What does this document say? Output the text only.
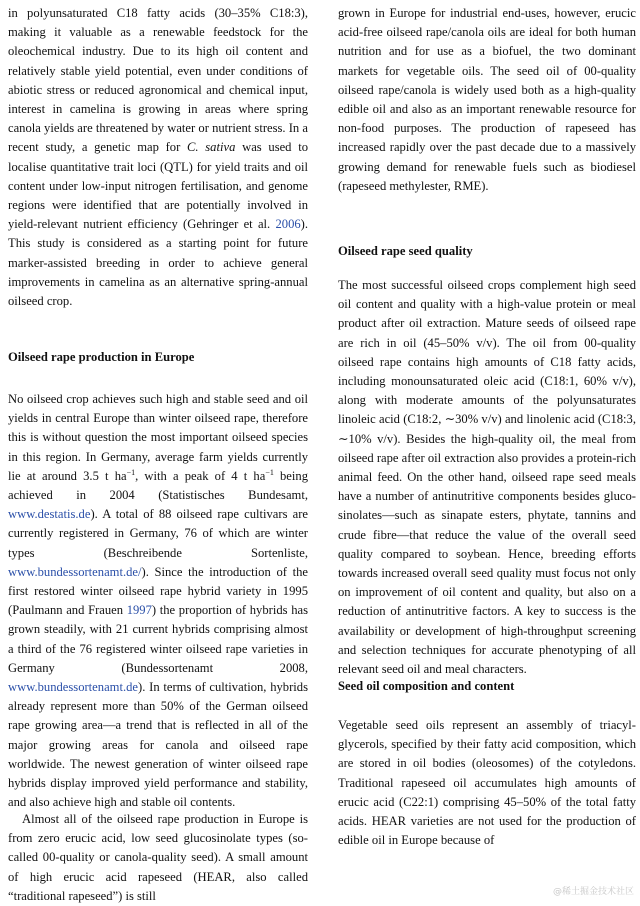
in polyunsaturated C18 fatty acids (30–35% C18:3), making it valuable as a renewable feedstock for the oleochemical industry. Due to its high oil content and relatively stable yield potential, even under conditions of abiotic stress or reduced agronomical and chemical input, interest in camelina is growing in areas where spring canola yields are threatened by water or nutrient stress. In a recent study, a genetic map for C. sativa was used to localise quantitative trait loci (QTL) for yield traits and oil content under low-input nitrogen fertilisation, and genome regions were identified that are potentially involved in yield-relevant nutrient efficiency (Gehringer et al. 2006). This study is considered as a starting point for future marker-assisted breeding in order to achieve general improvements in camelina as an alternative spring-annual oilseed crop.

Oilseed rape production in Europe

No oilseed crop achieves such high and stable seed and oil yields in central Europe than winter oilseed rape, therefore this is without question the most important oilseed species in this region. In Germany, average farm yields currently lie at around 3.5 t $ha^{-1}$, with a peak of 4 t $ha^{-1}$ being achieved in 2004 (Statistisches Bundesamt, www.destatis.de). A total of 88 oilseed rape cultivars are currently registered in Germany, 76 of which are winter types (Beschreibende Sortenliste, www.bundessortenamt.de/). Since the introduction of the first restored winter oilseed rape hybrid variety in 1995 (Paulmann and Frauen 1997) the proportion of hybrids has grown steadily, with 21 current hybrids comprising almost a third of the 76 registered winter oilseed rape varieties in Germany (Bundessortenamt 2008, www.bundessortenamt.de). In terms of cultivation, hybrids already represent more than 50% of the German oilseed rape growing area—a trend that is reflected in all of the major growing areas for canola and oilseed rape worldwide. The newest generation of winter oilseed rape hybrids display improved yield performance and stability, and also achieve high and stable oil contents.

Almost all of the oilseed rape production in Europe is from zero erucic acid, low seed glucosinolate types (so-called 00-quality or canola-quality seed). A small amount of high erucic acid rapeseed (HEAR, also called “traditional rapeseed”) is still

grown in Europe for industrial end-uses, however, erucic acid-free oilseed rape/canola oils are ideal for both human nutrition and for use as a biofuel, the two dominant markets for vegetable oils. The seed oil of 00-quality oilseed rape/canola is widely used both as a high-quality edible oil and also as an important renewable resource for non-food purposes. The production of rapeseed has increased rapidly over the past decade due to a massively growing demand for renewable fuels such as biodiesel (rapeseed methylester, RME).

Oilseed rape seed quality

The most successful oilseed crops complement high seed oil content and quality with a high-value protein or meal product after oil extraction. Mature seeds of oilseed rape are rich in oil (45–50% v/v). The oil from 00-quality oilseed rape contains high amounts of C18 fatty acids, including monounsaturated oleic acid (C18:1, 60% v/v), along with moderate amounts of the polyunsaturates linoleic acid (C18:2, ∼30% v/v) and linolenic acid (C18:3, ∼10% v/v). Besides the high-quality oil, the meal from oilseed rape after oil extraction also provides a protein-rich animal feed. On the other hand, oilseed rape seed meals have a number of antinutritive components besides glucosinolates—such as sinapate esters, phytate, tannins and crude fibre—that reduce the value of the overall seed quality compared to soybean. Hence, breeding efforts towards increased overall seed quality must focus not only on improvement of oil content and quality, but also on a reduction of antinutritive factors. A key to success is the availability or development of high-throughput screening and selection techniques for accurate phenotyping of all relevant seed oil and meal characters.

Seed oil composition and content

Vegetable seed oils represent an assembly of triacylglycerols, specified by their fatty acid composition, which are stored in oil bodies (oleosomes) of the cotyledons. Traditional rapeseed oil accumulates high amounts of erucic acid (C22:1) comprising 45–50% of the total fatty acids. HEAR varieties are not used for the production of edible oil in Europe because of

@稀土掘金技术社区
